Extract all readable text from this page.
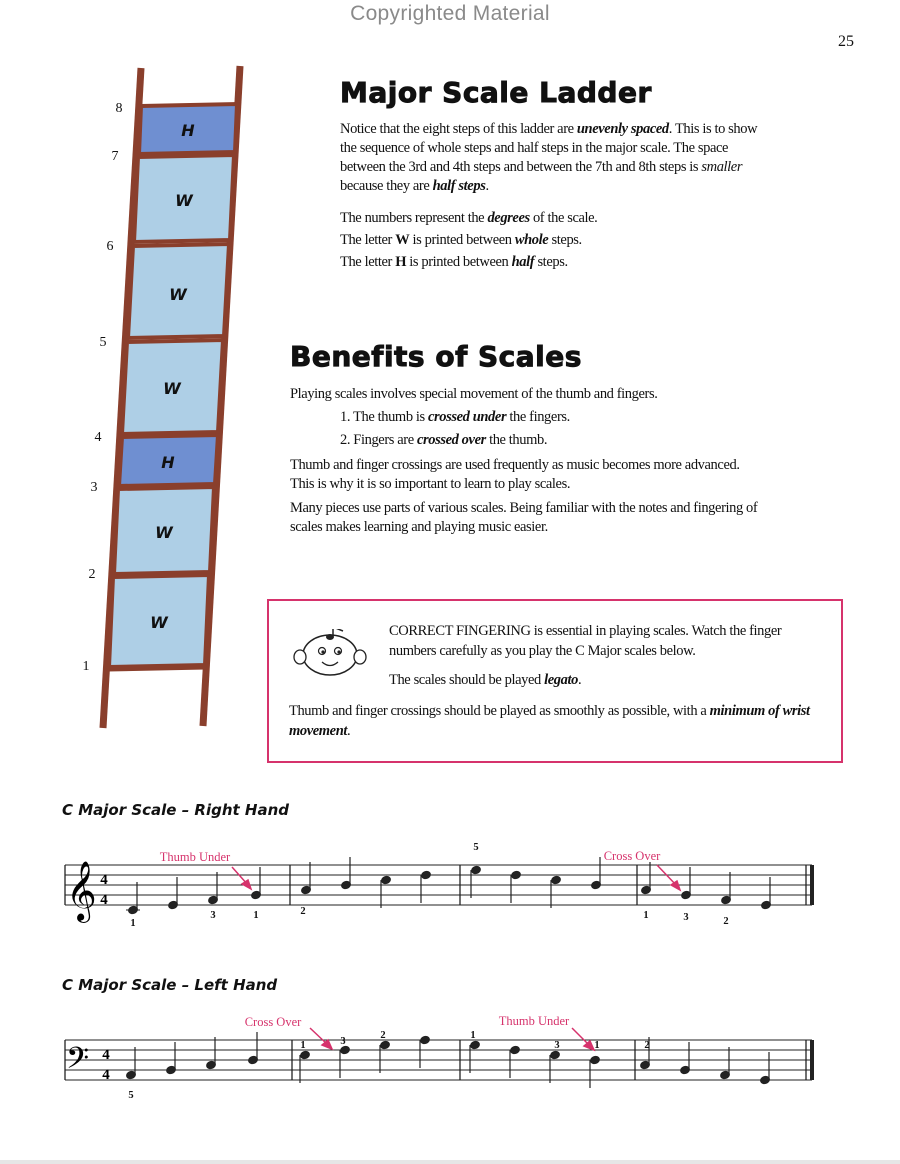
Copyrighted Material
25
H
W
W
W
H
W
W
8
7
6
5
4
3
2
1
Major Scale Ladder

Notice that the eight steps of this ladder are unevenly spaced. This is to show the sequence of whole steps and half steps in the major scale. The space between the 3rd and 4th steps and between the 7th and 8th steps is smaller because they are half steps.

The numbers represent the degrees of the scale.
The letter W is printed between whole steps.
The letter H is printed between half steps.
Benefits of Scales
Playing scales involves special movement of the thumb and fingers.
1. The thumb is crossed under the fingers.
2. Fingers are crossed over the thumb.

Thumb and finger crossings are used frequently as music becomes more advanced. This is why it is so important to learn to play scales.

Many pieces use parts of various scales. Being familiar with the notes and fingering of scales makes learning and playing music easier.

CORRECT FINGERING is essential in playing scales. Watch the finger numbers carefully as you play the C Major scales below.
The scales should be played legato.
Thumb and finger crossings should be played as smoothly as possible, with a minimum of wrist movement.
C Major Scale – Right Hand
𝄞 4
4
1
3	1	2
5
1	3	2
Thumb Under	Cross Over
C Major Scale – Left Hand
𝄢 4
4
5
1	3
2	1
3	1	2
Cross Over	Thumb Under
